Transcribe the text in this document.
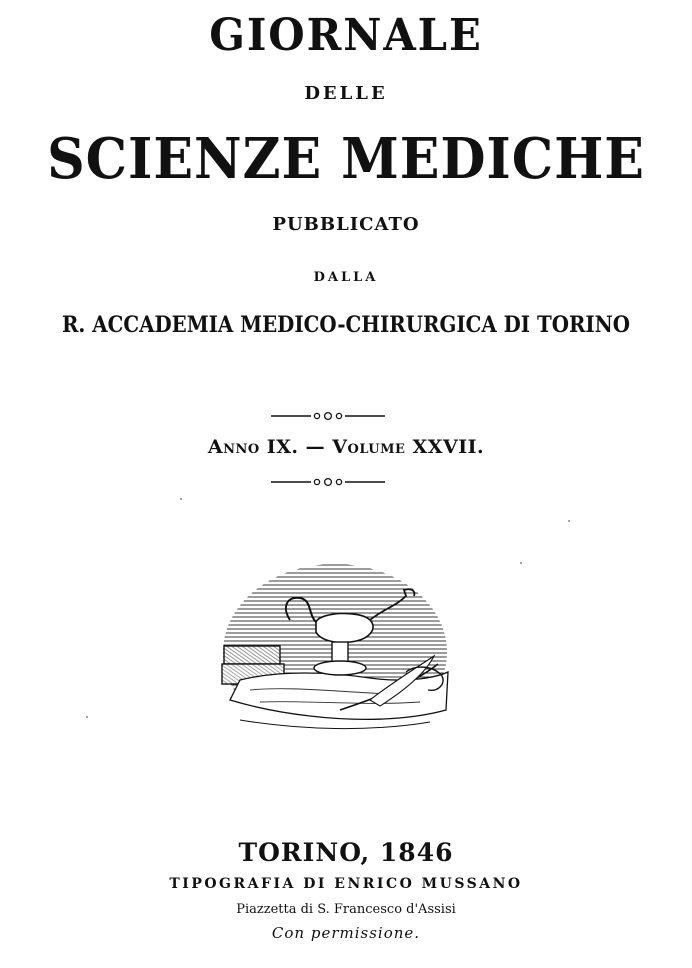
GIORNALE
DELLE
SCIENZE MEDICHE
PUBBLICATO
DALLA
R. ACCADEMIA MEDICO-CHIRURGICA DI TORINO
Anno IX. — Volume XXVII.
TORINO, 1846
TIPOGRAFIA DI ENRICO MUSSANO
Piazzetta di S. Francesco d'Assisi
Con permissione.
